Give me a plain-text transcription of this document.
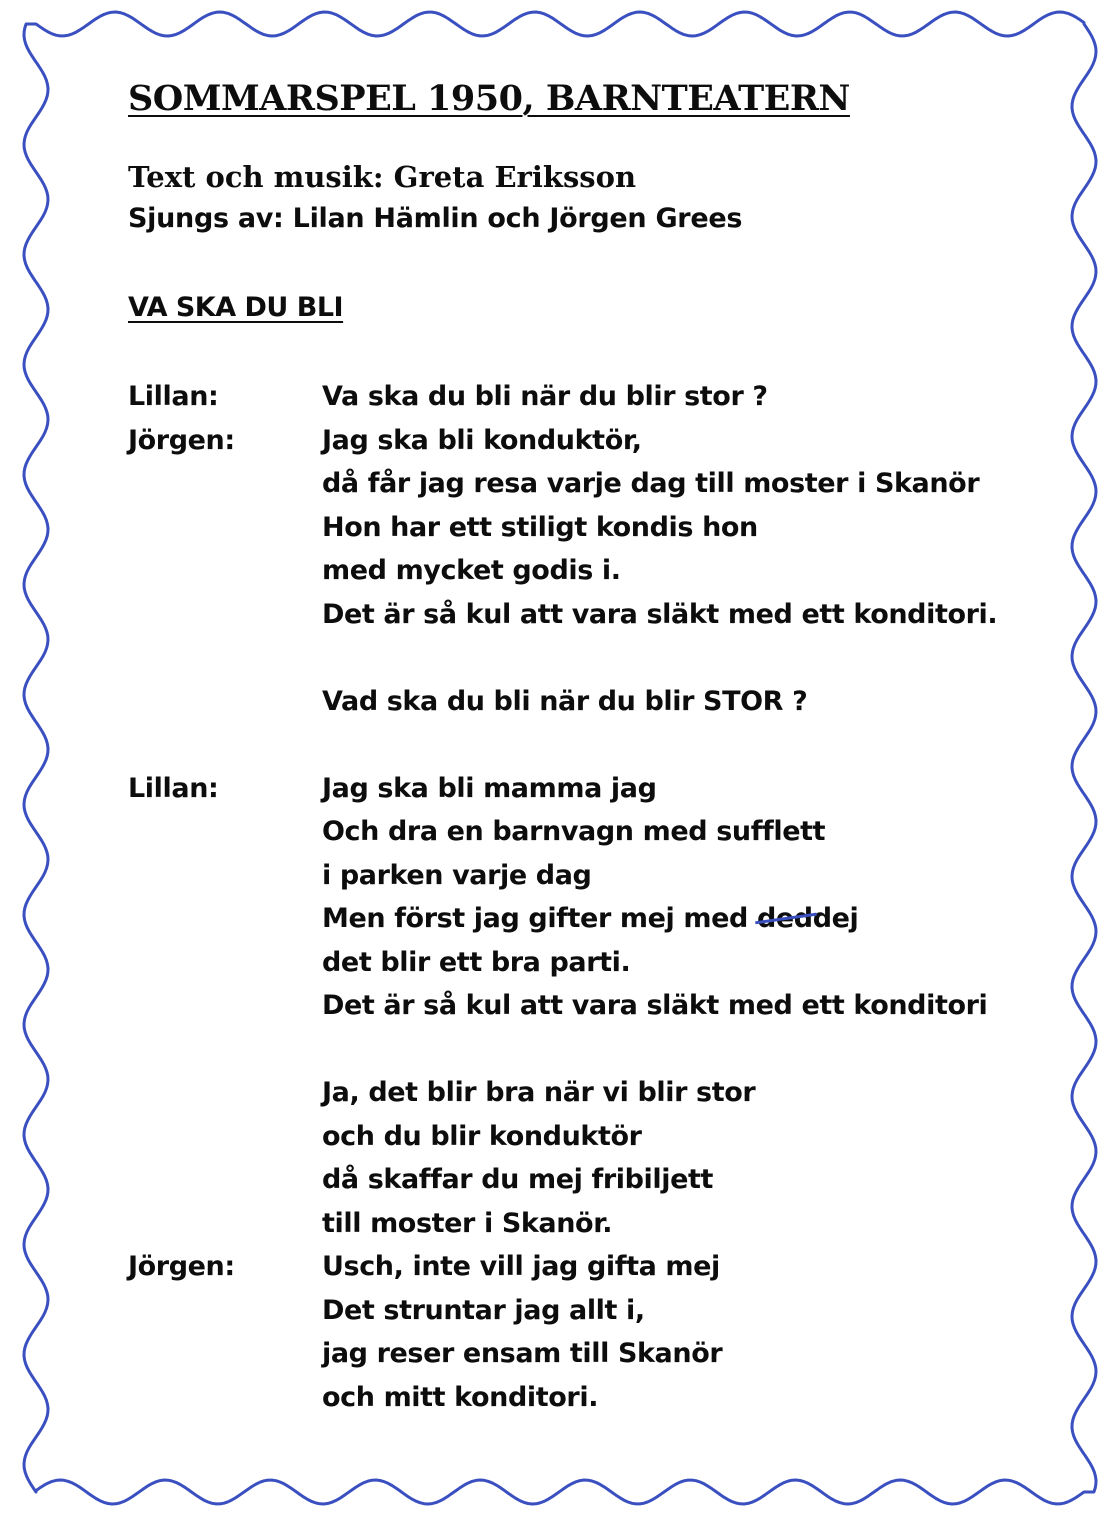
SOMMARSPEL 1950, BARNTEATERN
Text och musik: Greta Eriksson
Sjungs av: Lilan Hämlin och Jörgen Grees
VA SKA DU BLI
Lillan:	Va ska du bli när du blir stor ?
Jörgen:	Jag ska bli konduktör,
då får jag resa varje dag till moster i Skanör
Hon har ett stiligt kondis hon
med mycket godis i.
Det är så kul att vara släkt med ett konditori.
Vad ska du bli när du blir STOR ?
Lillan:	Jag ska bli mamma jag
Och dra en barnvagn med sufflett
i parken varje dag
Men först jag gifter mej med deddej
det blir ett bra parti.
Det är så kul att vara släkt med ett konditori
Ja, det blir bra när vi blir stor
och du blir konduktör
då skaffar du mej fribiljett
till moster i Skanör.
Jörgen:	Usch, inte vill jag gifta mej
Det struntar jag allt i,
jag reser ensam till Skanör
och mitt konditori.
